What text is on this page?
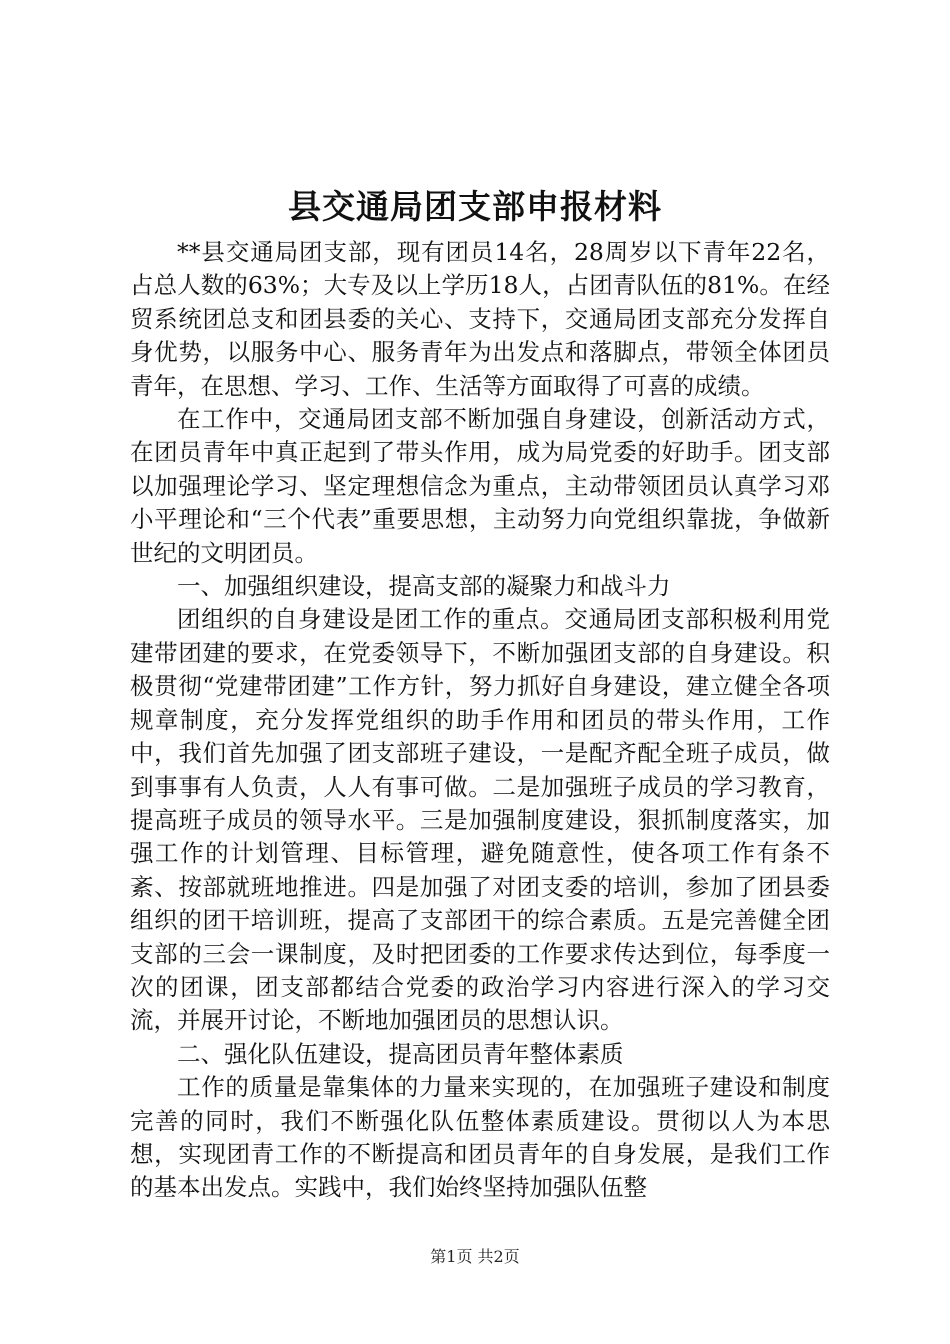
县交通局团支部申报材料

**县交通局团支部，现有团员14名，28周岁以下青年22名，占总人数的63%；大专及以上学历18人，占团青队伍的81%。在经贸系统团总支和团县委的关心、支持下，交通局团支部充分发挥自身优势，以服务中心、服务青年为出发点和落脚点，带领全体团员青年，在思想、学习、工作、生活等方面取得了可喜的成绩。

在工作中，交通局团支部不断加强自身建设，创新活动方式，在团员青年中真正起到了带头作用，成为局党委的好助手。团支部以加强理论学习、坚定理想信念为重点，主动带领团员认真学习邓小平理论和“三个代表”重要思想，主动努力向党组织靠拢，争做新世纪的文明团员。

一、加强组织建设，提高支部的凝聚力和战斗力

团组织的自身建设是团工作的重点。交通局团支部积极利用党建带团建的要求，在党委领导下，不断加强团支部的自身建设。积极贯彻“党建带团建”工作方针，努力抓好自身建设，建立健全各项规章制度，充分发挥党组织的助手作用和团员的带头作用，工作中，我们首先加强了团支部班子建设，一是配齐配全班子成员，做到事事有人负责，人人有事可做。二是加强班子成员的学习教育，提高班子成员的领导水平。三是加强制度建设，狠抓制度落实，加强工作的计划管理、目标管理，避免随意性，使各项工作有条不紊、按部就班地推进。四是加强了对团支委的培训，参加了团县委组织的团干培训班，提高了支部团干的综合素质。五是完善健全团支部的三会一课制度，及时把团委的工作要求传达到位，每季度一次的团课，团支部都结合党委的政治学习内容进行深入的学习交流，并展开讨论，不断地加强团员的思想认识。

二、强化队伍建设，提高团员青年整体素质

工作的质量是靠集体的力量来实现的，在加强班子建设和制度完善的同时，我们不断强化队伍整体素质建设。贯彻以人为本思想，实现团青工作的不断提高和团员青年的自身发展，是我们工作的基本出发点。实践中，我们始终坚持加强队伍整

第1页 共2页
